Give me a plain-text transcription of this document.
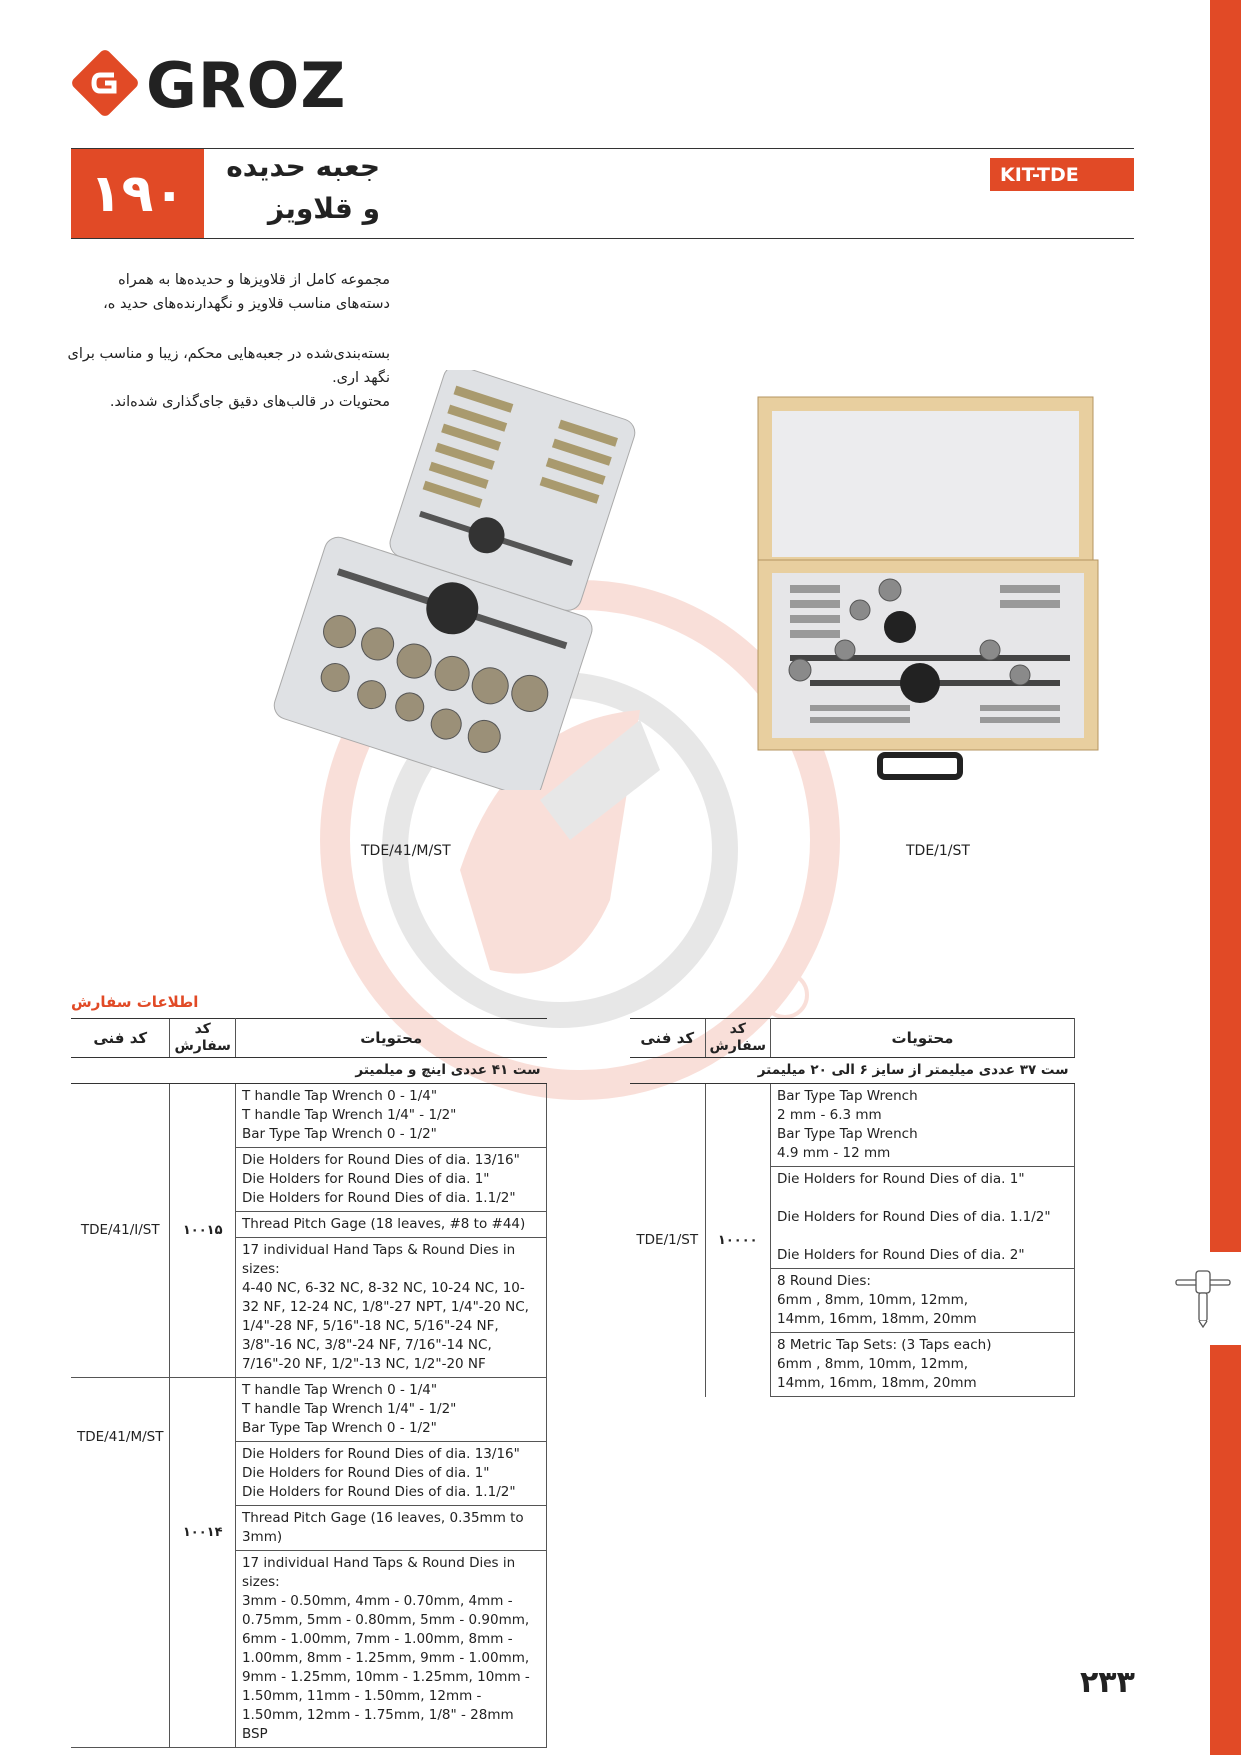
GROZ
۱۹۰	جعبه حدیده
و قلاویز
KIT-TDE

مجموعه کامل از قلاویزها و حدیده‌ها به همراه دسته‌های مناسب قلاویز و نگهدارنده‌های حدید ه،

بسته‌بندی‌شده در جعبه‌هایی محکم، زیبا و مناسب برای نگهد اری.
محتویات در قالب‌های دقیق جای‌گذاری شده‌اند.

TDE/41/M/ST	TDE/1/ST
اطلاعات سفارش
کد فنی	کد سفارش	محتویات
ست ۴۱ عددی اینچ و میلمیتر		
TDE/41/I/ST	۱۰۰۱۵	T handle Tap Wrench 0 - 1/4"
T handle Tap Wrench 1/4" - 1/2"
Bar Type Tap Wrench 0 - 1/2"
		Die Holders for Round Dies of dia. 13/16"
Die Holders for Round Dies of dia. 1"
Die Holders for Round Dies of dia. 1.1/2"
		Thread Pitch Gage (18 leaves, #8 to #44)
		17 individual Hand Taps & Round Dies in sizes:
4-40 NC, 6-32 NC, 8-32 NC, 10-24 NC, 10-32 NF, 12-24 NC, 1/8"-27 NPT, 1/4"-20 NC, 1/4"-28 NF, 5/16"-18 NC, 5/16"-24 NF, 3/8"-16 NC, 3/8"-24 NF, 7/16"-14 NC, 7/16"-20 NF, 1/2"-13 NC, 1/2"-20 NF
TDE/41/M/ST	۱۰۰۱۴	T handle Tap Wrench 0 - 1/4"
T handle Tap Wrench 1/4" - 1/2"
Bar Type Tap Wrench 0 - 1/2"
		Die Holders for Round Dies of dia. 13/16"
Die Holders for Round Dies of dia. 1"
Die Holders for Round Dies of dia. 1.1/2"
		Thread Pitch Gage (16 leaves, 0.35mm to 3mm)
		17 individual Hand Taps & Round Dies in sizes:
3mm - 0.50mm, 4mm - 0.70mm, 4mm - 0.75mm, 5mm - 0.80mm, 5mm - 0.90mm, 6mm - 1.00mm, 7mm - 1.00mm, 8mm - 1.00mm, 8mm - 1.25mm, 9mm - 1.00mm, 9mm - 1.25mm, 10mm - 1.25mm, 10mm - 1.50mm, 11mm - 1.50mm, 12mm - 1.50mm, 12mm - 1.75mm, 1/8" - 28mm BSP
کد فنی	کد سفارش	محتویات
ست ۳۷ عددی میلیمتر از سایز ۶ الی ۲۰ میلیمتر		
TDE/1/ST	۱۰۰۰۰	Bar Type Tap Wrench
2 mm - 6.3 mm
Bar Type Tap Wrench
4.9 mm - 12 mm
		Die Holders for Round Dies of dia. 1"

Die Holders for Round Dies of dia. 1.1/2"

Die Holders for Round Dies of dia. 2"
		8 Round Dies:
6mm , 8mm, 10mm, 12mm,
14mm, 16mm, 18mm, 20mm
		8 Metric Tap Sets: (3 Taps each)
6mm , 8mm, 10mm, 12mm,
14mm, 16mm, 18mm, 20mm
۲۳۳
